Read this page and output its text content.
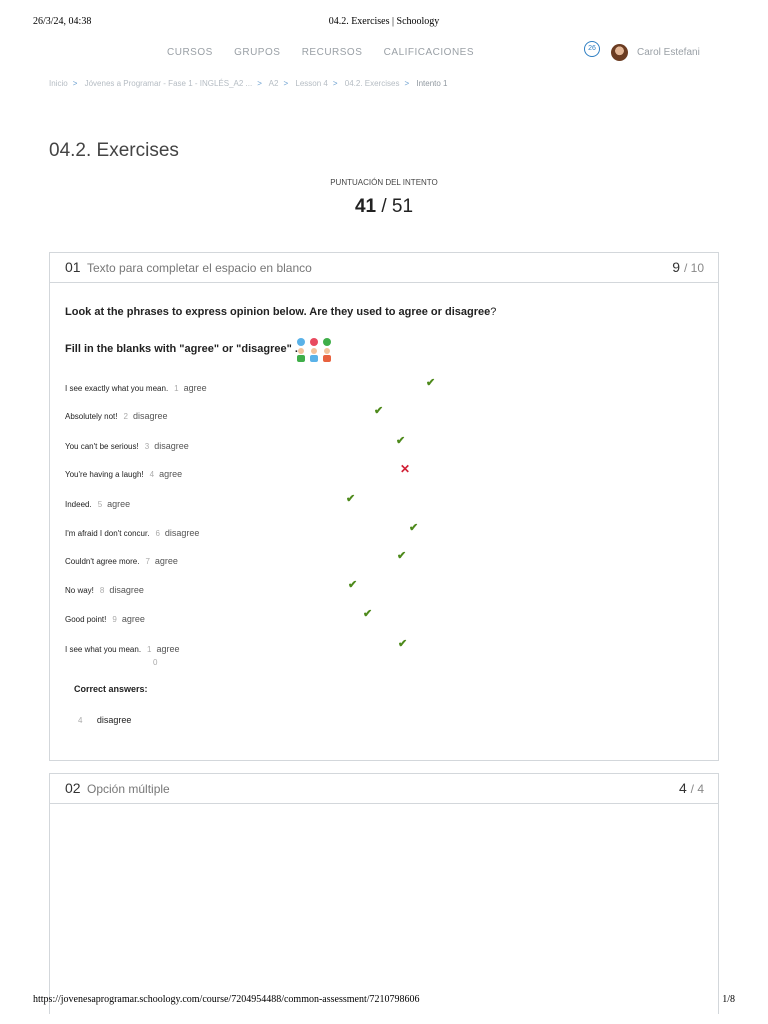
26/3/24, 04:38	04.2. Exercises | Schoology
CURSOS GRUPOS RECURSOS CALIFICACIONES	26	Carol Estefani
Inicio > Jóvenes a Programar - Fase 1 - INGLÉS_A2 ... > A2 > Lesson 4 > 04.2. Exercises > Intento 1
04.2. Exercises
PUNTUACIÓN DEL INTENTO
41 / 51
01 Texto para completar el espacio en blanco	9 / 10
Look at the phrases to express opinion below. Are they used to agree or disagree?
Fill in the blanks with "agree" or "disagree" .
I see exactly what you mean. 1 agree	✔
Absolutely not! 2 disagree	✔
You can't be serious! 3 disagree	✔
You're having a laugh! 4 agree	✕
Indeed. 5 agree	✔
I'm afraid I don't concur. 6 disagree	✔
Couldn't agree more. 7 agree	✔
No way! 8 disagree	✔
Good point! 9 agree	✔
I see what you mean. 1 agree	✔
0
Correct answers:
4 disagree
02 Opción múltiple	4 / 4
https://jovenesaprogramar.schoology.com/course/7204954488/common-assessment/7210798606	1/8
